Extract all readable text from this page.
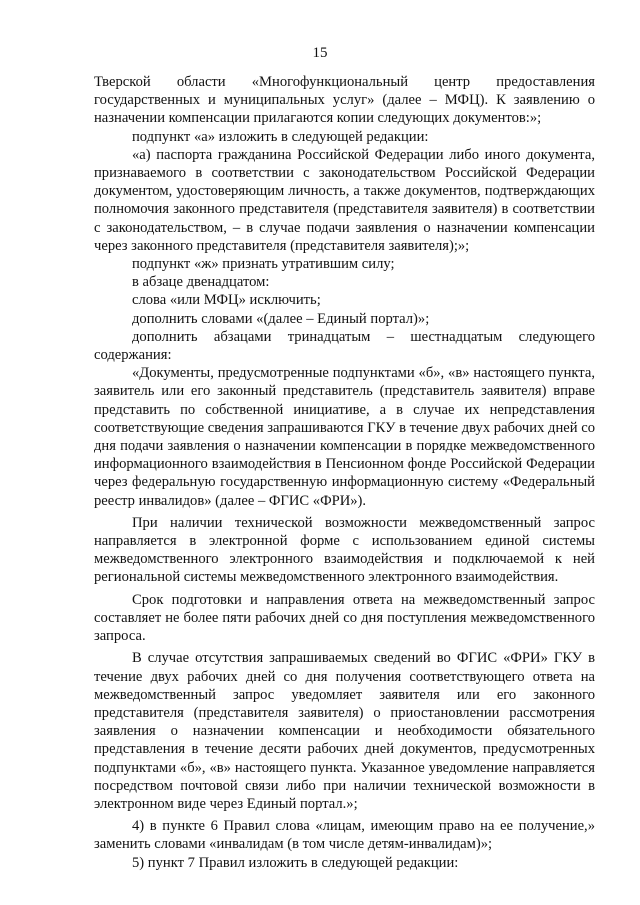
15

Тверской области «Многофункциональный центр предоставления государственных и муниципальных услуг» (далее – МФЦ). К заявлению о назначении компенсации прилагаются копии следующих документов:»;

подпункт «а» изложить в следующей редакции:

«а) паспорта гражданина Российской Федерации либо иного документа, признаваемого в соответствии с законодательством Российской Федерации документом, удостоверяющим личность, а также документов, подтверждающих полномочия законного представителя (представителя заявителя) в соответствии с законодательством, – в случае подачи заявления о назначении компенсации через законного представителя (представителя заявителя);»;

подпункт «ж» признать утратившим силу;

в абзаце двенадцатом:

слова «или МФЦ» исключить;

дополнить словами «(далее – Единый портал)»;

дополнить абзацами тринадцатым – шестнадцатым следующего содержания:

«Документы, предусмотренные подпунктами «б», «в» настоящего пункта, заявитель или его законный представитель (представитель заявителя) вправе представить по собственной инициативе, а в случае их непредставления соответствующие сведения запрашиваются ГКУ в течение двух рабочих дней со дня подачи заявления о назначении компенсации в порядке межведомственного информационного взаимодействия в Пенсионном фонде Российской Федерации через федеральную государственную информационную систему «Федеральный реестр инвалидов» (далее – ФГИС «ФРИ»).

При наличии технической возможности межведомственный запрос направляется в электронной форме с использованием единой системы межведомственного электронного взаимодействия и подключаемой к ней региональной системы межведомственного электронного взаимодействия.

Срок подготовки и направления ответа на межведомственный запрос составляет не более пяти рабочих дней со дня поступления межведомственного запроса.

В случае отсутствия запрашиваемых сведений во ФГИС «ФРИ» ГКУ в течение двух рабочих дней со дня получения соответствующего ответа на межведомственный запрос уведомляет заявителя или его законного представителя (представителя заявителя) о приостановлении рассмотрения заявления о назначении компенсации и необходимости обязательного представления в течение десяти рабочих дней документов, предусмотренных подпунктами «б», «в» настоящего пункта. Указанное уведомление направляется посредством почтовой связи либо при наличии технической возможности в электронном виде через Единый портал.»;

4) в пункте 6 Правил слова «лицам, имеющим право на ее получение,» заменить словами «инвалидам (в том числе детям-инвалидам)»;

5) пункт 7 Правил изложить в следующей редакции:
